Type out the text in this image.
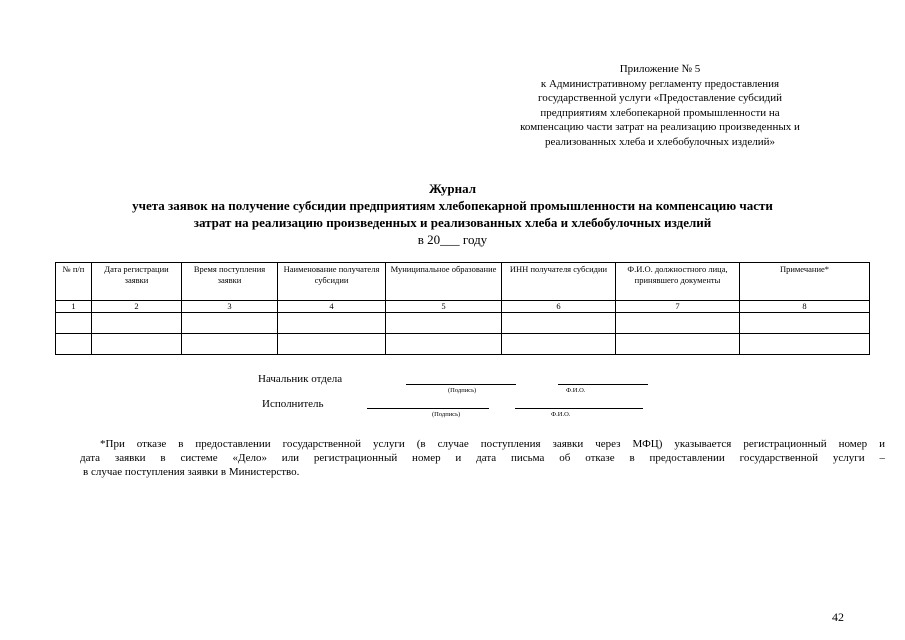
Приложение № 5
к Административному регламенту предоставления
государственной услуги «Предоставление субсидий
предприятиям хлебопекарной промышленности на
компенсацию части затрат на реализацию произведенных и
реализованных хлеба и хлебобулочных изделий»
Журнал
учета заявок на получение субсидии предприятиям хлебопекарной промышленности на компенсацию части
затрат на реализацию произведенных и реализованных хлеба и хлебобулочных изделий
в 20___ году
№ п/п	Дата регистрации заявки	Время поступления заявки	Наименование получателя субсидии	Муниципальное образование	ИНН получателя субсидии	Ф.И.О. должностного лица, принявшего документы	Примечание*
1	2	3	4	5	6	7	8

Начальник отдела
(Подпись)	Ф.И.О.
Исполнитель
(Подпись)	Ф.И.О.
*При отказе в предоставлении государственной услуги (в случае поступления заявки через МФЦ) указывается регистрационный номер и
дата заявки в системе «Дело» или регистрационный номер и дата письма об отказе в предоставлении государственной услуги –
в случае поступления заявки в Министерство.
42
